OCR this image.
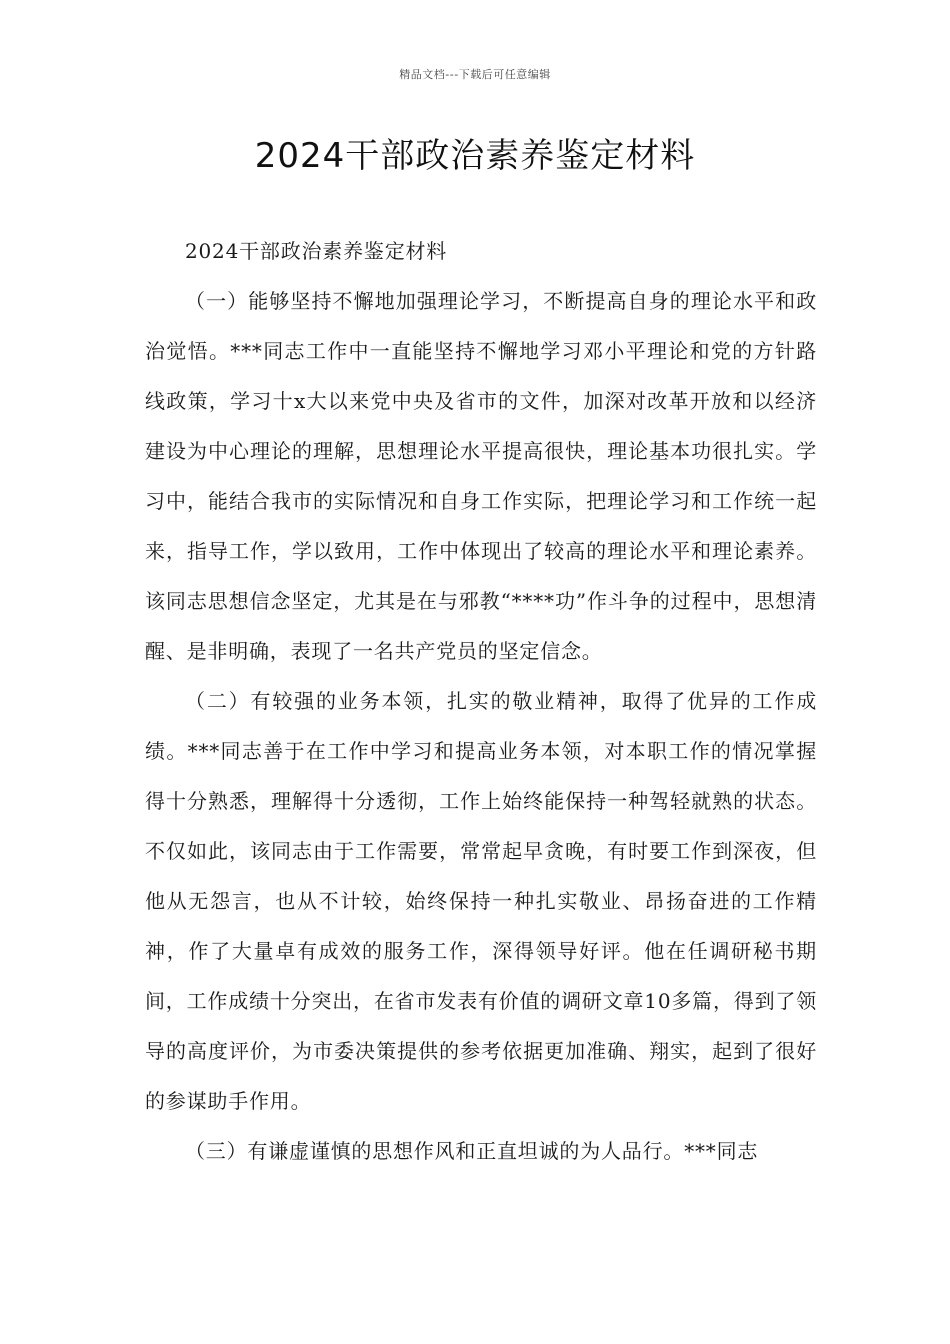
精品文档---下载后可任意编辑
2024干部政治素养鉴定材料

2024干部政治素养鉴定材料

（一）能够坚持不懈地加强理论学习，不断提高自身的理论水平和政治觉悟。***同志工作中一直能坚持不懈地学习邓小平理论和党的方针路线政策，学习十x大以来党中央及省市的文件，加深对改革开放和以经济建设为中心理论的理解，思想理论水平提高很快，理论基本功很扎实。学习中，能结合我市的实际情况和自身工作实际，把理论学习和工作统一起来，指导工作，学以致用，工作中体现出了较高的理论水平和理论素养。该同志思想信念坚定，尤其是在与邪教“****功”作斗争的过程中，思想清醒、是非明确，表现了一名共产党员的坚定信念。

（二）有较强的业务本领，扎实的敬业精神，取得了优异的工作成绩。***同志善于在工作中学习和提高业务本领，对本职工作的情况掌握得十分熟悉，理解得十分透彻，工作上始终能保持一种驾轻就熟的状态。不仅如此，该同志由于工作需要，常常起早贪晚，有时要工作到深夜，但他从无怨言，也从不计较，始终保持一种扎实敬业、昂扬奋进的工作精神，作了大量卓有成效的服务工作，深得领导好评。他在任调研秘书期间，工作成绩十分突出，在省市发表有价值的调研文章10多篇，得到了领导的高度评价，为市委决策提供的参考依据更加准确、翔实，起到了很好的参谋助手作用。

（三）有谦虚谨慎的思想作风和正直坦诚的为人品行。***同志
